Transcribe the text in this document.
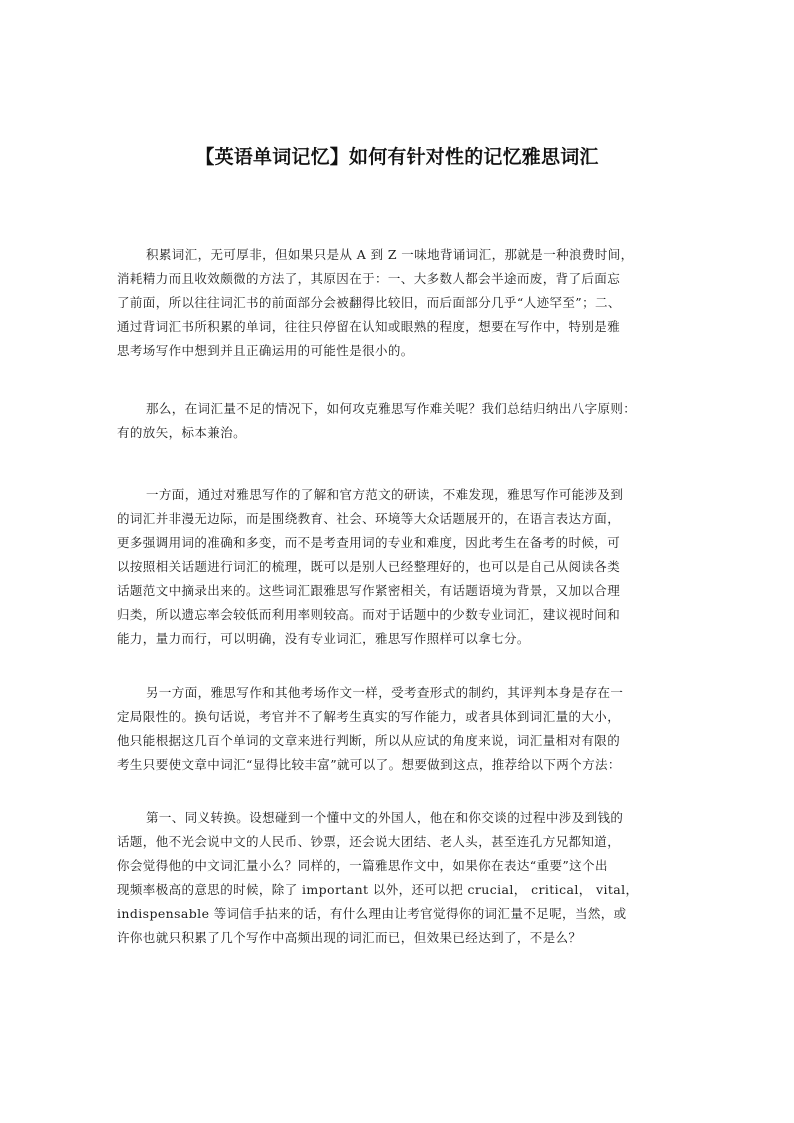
【英语单词记忆】如何有针对性的记忆雅思词汇
积累词汇，无可厚非，但如果只是从 A 到 Z 一味地背诵词汇，那就是一种浪费时间，
消耗精力而且收效颇微的方法了，其原因在于：一、大多数人都会半途而废，背了后面忘
了前面，所以往往词汇书的前面部分会被翻得比较旧，而后面部分几乎“人迹罕至”；二、
通过背词汇书所积累的单词，往往只停留在认知或眼熟的程度，想要在写作中，特别是雅
思考场写作中想到并且正确运用的可能性是很小的。
那么，在词汇量不足的情况下，如何攻克雅思写作难关呢？我们总结归纳出八字原则：
有的放矢，标本兼治。
一方面，通过对雅思写作的了解和官方范文的研读，不难发现，雅思写作可能涉及到
的词汇并非漫无边际，而是围绕教育、社会、环境等大众话题展开的，在语言表达方面，
更多强调用词的准确和多变，而不是考查用词的专业和难度，因此考生在备考的时候，可
以按照相关话题进行词汇的梳理，既可以是别人已经整理好的，也可以是自己从阅读各类
话题范文中摘录出来的。这些词汇跟雅思写作紧密相关，有话题语境为背景，又加以合理
归类，所以遗忘率会较低而利用率则较高。而对于话题中的少数专业词汇，建议视时间和
能力，量力而行，可以明确，没有专业词汇，雅思写作照样可以拿七分。
另一方面，雅思写作和其他考场作文一样，受考查形式的制约，其评判本身是存在一
定局限性的。换句话说，考官并不了解考生真实的写作能力，或者具体到词汇量的大小，
他只能根据这几百个单词的文章来进行判断，所以从应试的角度来说，词汇量相对有限的
考生只要使文章中词汇“显得比较丰富”就可以了。想要做到这点，推荐给以下两个方法：
第一、同义转换。设想碰到一个懂中文的外国人，他在和你交谈的过程中涉及到钱的
话题，他不光会说中文的人民币、钞票，还会说大团结、老人头，甚至连孔方兄都知道，
你会觉得他的中文词汇量小么？同样的，一篇雅思作文中，如果你在表达“重要”这个出
现频率极高的意思的时候，除了 important 以外，还可以把 crucial， critical， vital，
indispensable 等词信手拈来的话，有什么理由让考官觉得你的词汇量不足呢，当然，或
许你也就只积累了几个写作中高频出现的词汇而已，但效果已经达到了，不是么？
